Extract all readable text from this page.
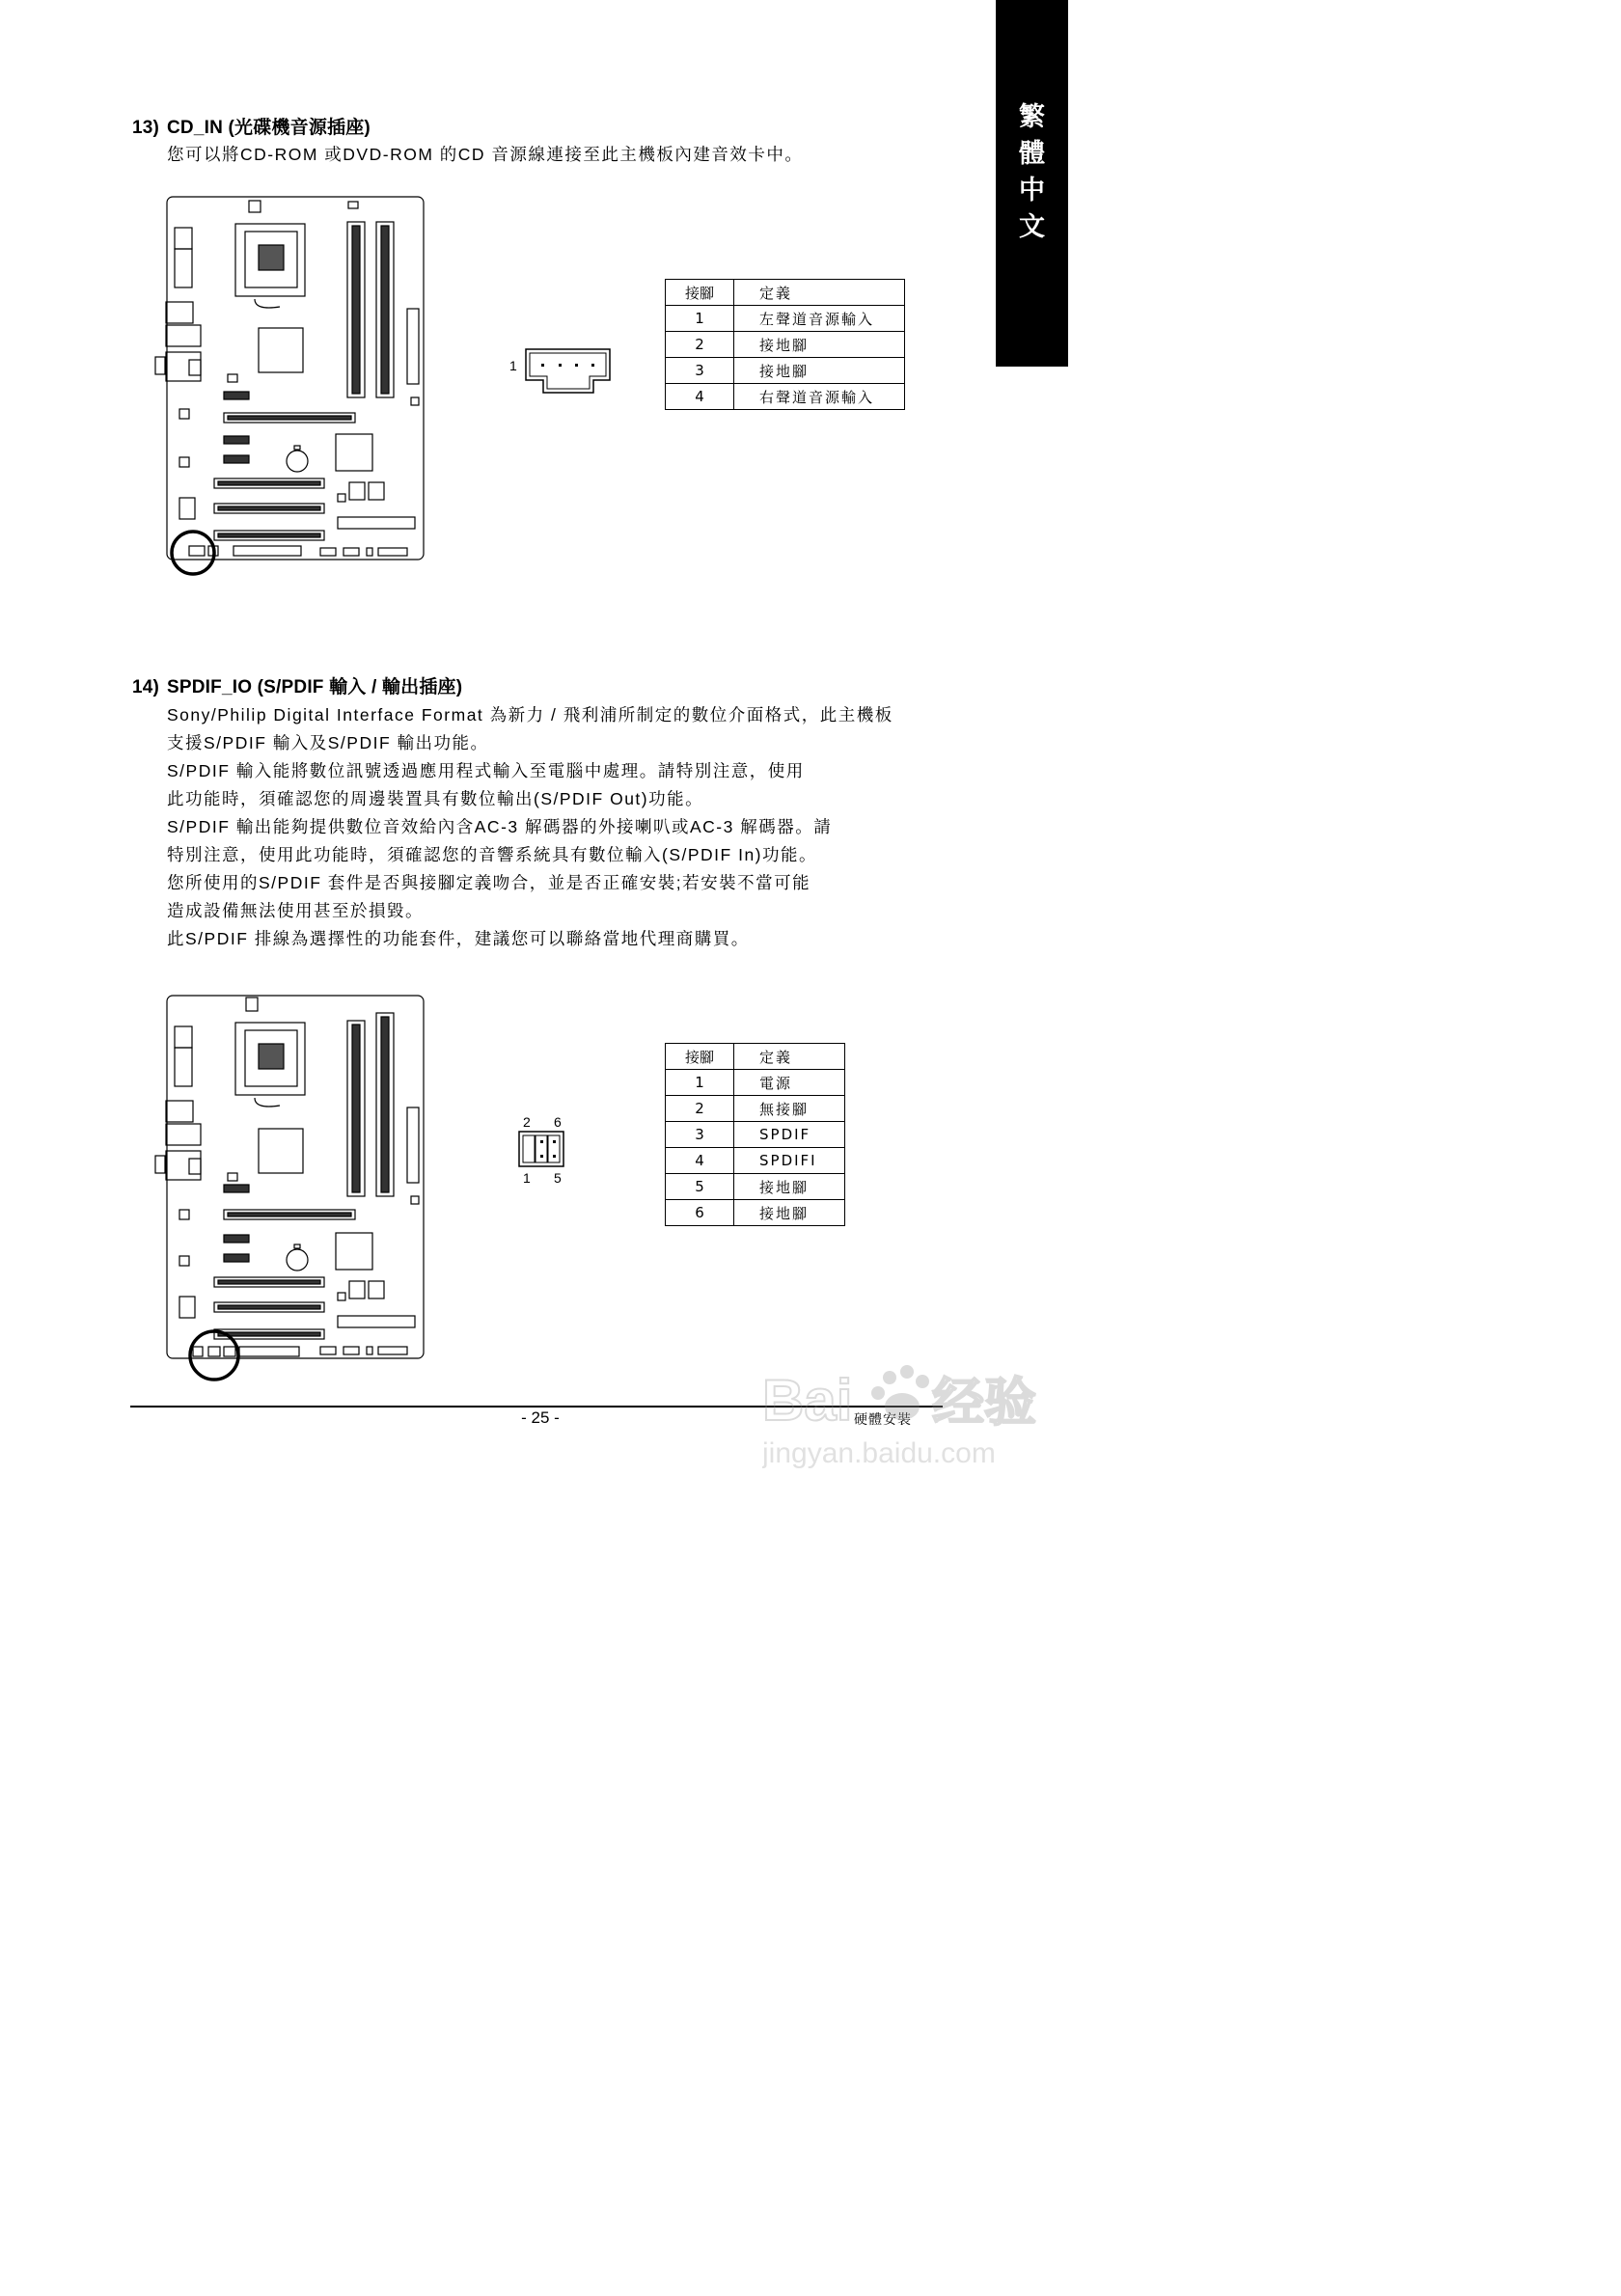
繁
體
中
文
13) CD_IN (光碟機音源插座)

您可以將CD-ROM 或DVD-ROM 的CD 音源線連接至此主機板內建音效卡中。

1
接腳	定義
1	左聲道音源輸入
2	接地腳
3	接地腳
4	右聲道音源輸入
14) SPDIF_IO (S/PDIF 輸入 / 輸出插座)

Sony/Philip Digital Interface Format 為新力 / 飛利浦所制定的數位介面格式，此主機板

支援S/PDIF 輸入及S/PDIF 輸出功能。

S/PDIF 輸入能將數位訊號透過應用程式輸入至電腦中處理。請特別注意，使用

此功能時，須確認您的周邊裝置具有數位輸出(S/PDIF Out)功能。

S/PDIF 輸出能夠提供數位音效給內含AC-3 解碼器的外接喇叭或AC-3 解碼器。請

特別注意，使用此功能時，須確認您的音響系統具有數位輸入(S/PDIF In)功能。

您所使用的S/PDIF 套件是否與接腳定義吻合，並是否正確安裝;若安裝不當可能

造成設備無法使用甚至於損毀。

此S/PDIF 排線為選擇性的功能套件，建議您可以聯絡當地代理商購買。

2 6
1 5
接腳	定義
1	電源
2	無接腳
3	SPDIF
4	SPDIFI
5	接地腳
6	接地腳
- 25 -	硬體安裝
Bai 经验
jingyan.baidu.com
